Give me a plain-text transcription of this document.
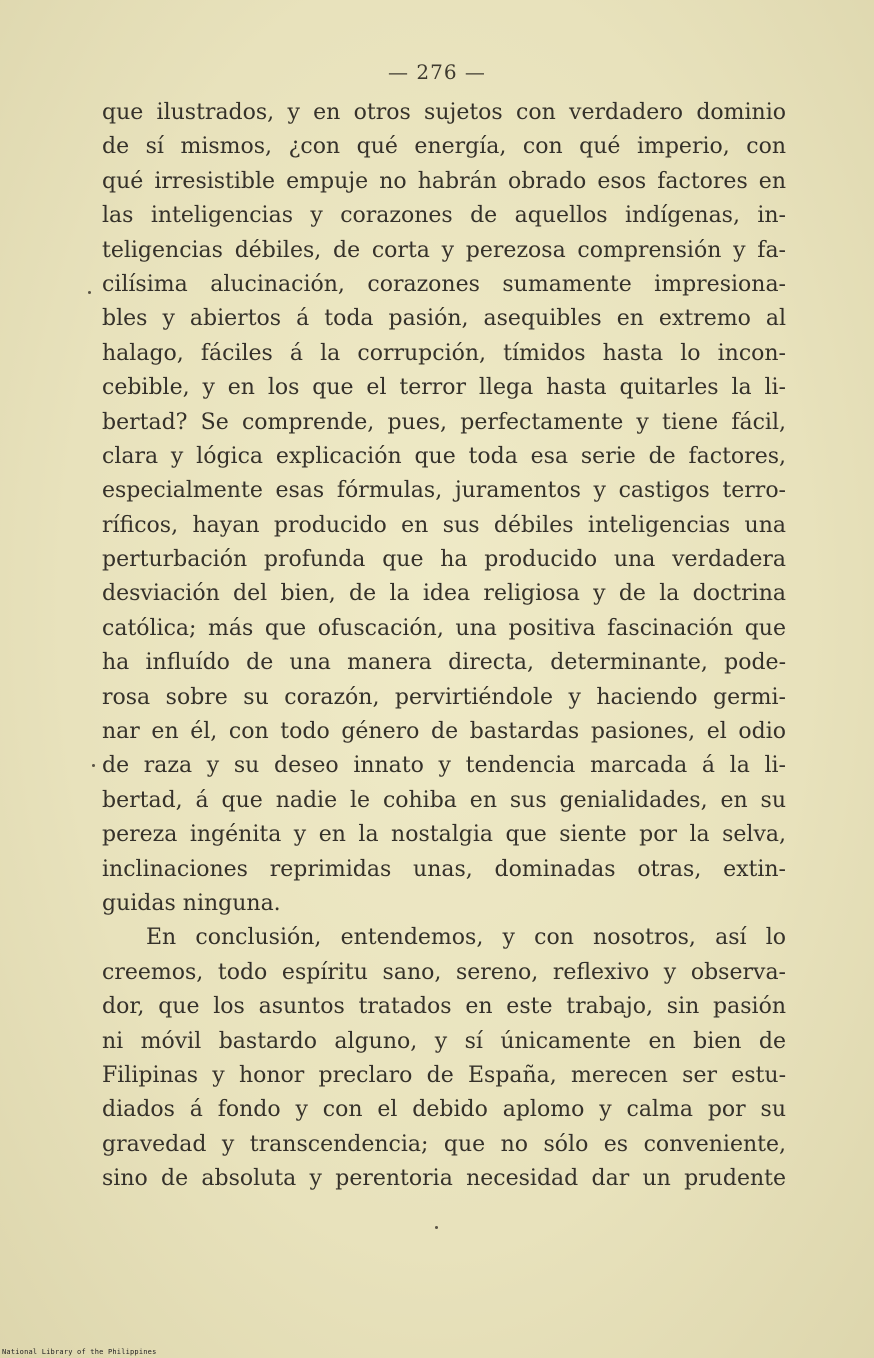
— 276 —
que ilustrados, y en otros sujetos con verdadero dominio
de sí mismos, ¿con qué energía, con qué imperio, con
qué irresistible empuje no habrán obrado esos factores en
las inteligencias y corazones de aquellos indígenas, in-
teligencias débiles, de corta y perezosa comprensión y fa-
cilísima alucinación, corazones sumamente impresiona-
bles y abiertos á toda pasión, asequibles en extremo al
halago, fáciles á la corrupción, tímidos hasta lo incon-
cebible, y en los que el terror llega hasta quitarles la li-
bertad? Se comprende, pues, perfectamente y tiene fácil,
clara y lógica explicación que toda esa serie de factores,
especialmente esas fórmulas, juramentos y castigos terro-
ríficos, hayan producido en sus débiles inteligencias una
perturbación profunda que ha producido una verdadera
desviación del bien, de la idea religiosa y de la doctrina
católica; más que ofuscación, una positiva fascinación que
ha influído de una manera directa, determinante, pode-
rosa sobre su corazón, pervirtiéndole y haciendo germi-
nar en él, con todo género de bastardas pasiones, el odio
de raza y su deseo innato y tendencia marcada á la li-
bertad, á que nadie le cohiba en sus genialidades, en su
pereza ingénita y en la nostalgia que siente por la selva,
inclinaciones reprimidas unas, dominadas otras, extin-
guidas ninguna.
En conclusión, entendemos, y con nosotros, así lo
creemos, todo espíritu sano, sereno, reflexivo y observa-
dor, que los asuntos tratados en este trabajo, sin pasión
ni móvil bastardo alguno, y sí únicamente en bien de
Filipinas y honor preclaro de España, merecen ser estu-
diados á fondo y con el debido aplomo y calma por su
gravedad y transcendencia; que no sólo es conveniente,
sino de absoluta y perentoria necesidad dar un prudente
National Library of the Philippines
